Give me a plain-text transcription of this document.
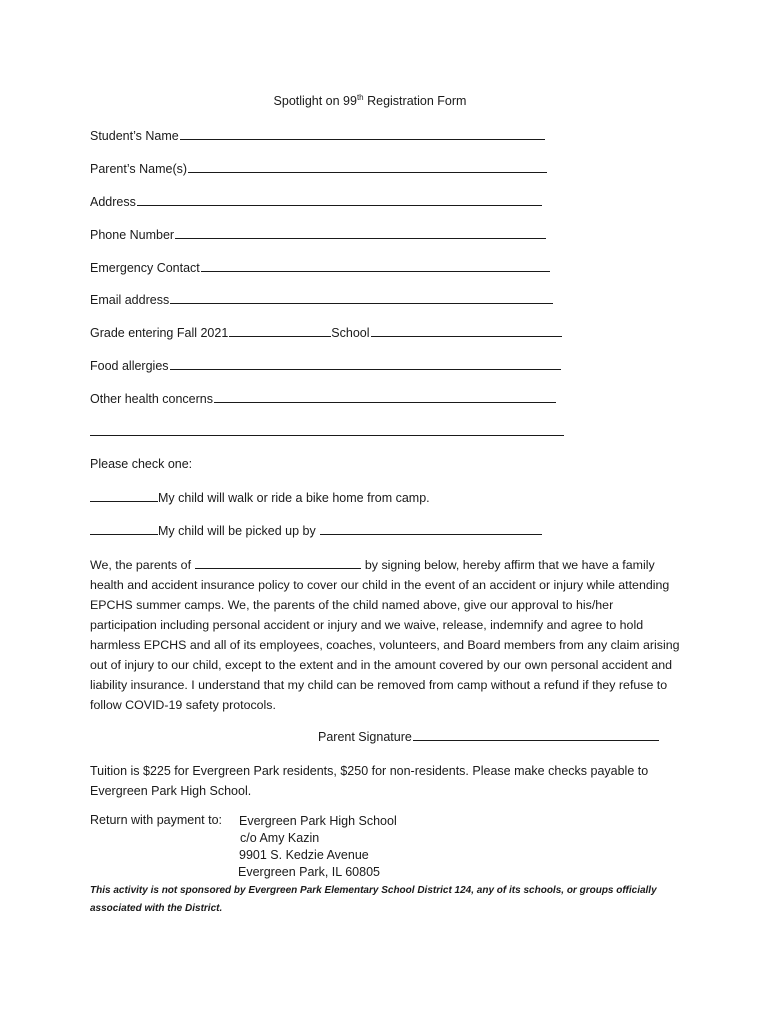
Spotlight on 99th Registration Form
Student’s Name
Parent’s Name(s)
Address
Phone Number
Emergency Contact
Email address
Grade entering Fall 2021	School
Food allergies
Other health concerns
Please check one:
My child will walk or ride a bike home from camp.
My child will be picked up by
We, the parents of	by signing below, hereby affirm that we have a family health and accident insurance policy to cover our child in the event of an accident or injury while attending EPCHS summer camps. We, the parents of the child named above, give our approval to his/her participation including personal accident or injury and we waive, release, indemnify and agree to hold harmless EPCHS and all of its employees, coaches, volunteers, and Board members from any claim arising out of injury to our child, except to the extent and in the amount covered by our own personal accident and liability insurance. I understand that my child can be removed from camp without a refund if they refuse to follow COVID-19 safety protocols.
Parent Signature
Tuition is $225 for Evergreen Park residents, $250 for non-residents. Please make checks payable to Evergreen Park High School.
Return with payment to: Evergreen Park High School
c/o Amy Kazin
9901 S. Kedzie Avenue
Evergreen Park, IL 60805
This activity is not sponsored by Evergreen Park Elementary School District 124, any of its schools, or groups officially associated with the District.
